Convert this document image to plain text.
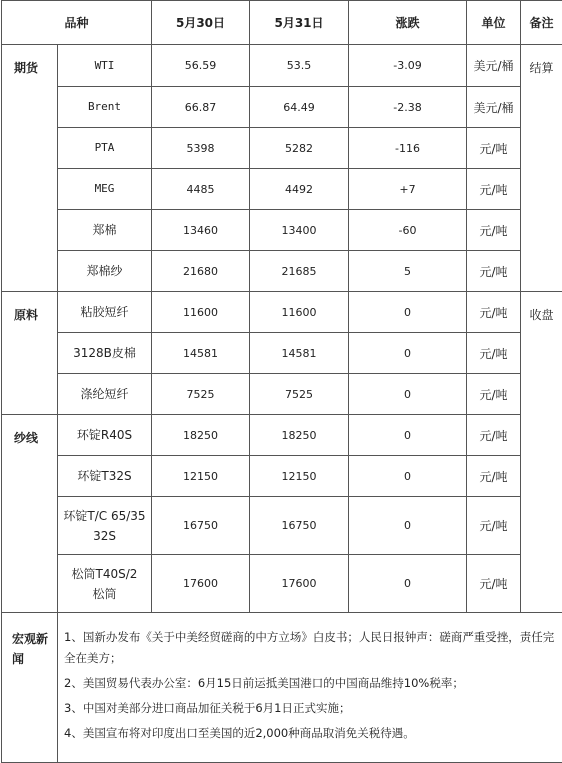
品种		5月30日	5月31日	涨跌	单位	备注
期货	WTI	56.59	53.5	-3.09	美元/桶	结算
	Brent	66.87	64.49	-2.38	美元/桶	
	PTA	5398	5282	-116	元/吨	
	MEG	4485	4492	+7	元/吨	
	郑棉	13460	13400	-60	元/吨	
	郑棉纱	21680	21685	5	元/吨	
原料	粘胶短纤	11600	11600	0	元/吨	收盘
	3128B皮棉	14581	14581	0	元/吨	
	涤纶短纤	7525	7525	0	元/吨	
纱线	环锭R40S	18250	18250	0	元/吨	
	环锭T32S	12150	12150	0	元/吨	
	环锭T/C 65/35 32S	16750	16750	0	元/吨	
	松筒T40S/2松筒	17600	17600	0	元/吨	
宏观新闻	1、国新办发布《关于中美经贸磋商的中方立场》白皮书；人民日报钟声：磋商严重受挫，责任完全在美方；
2、美国贸易代表办公室：6月15日前运抵美国港口的中国商品维持10%税率；
3、中国对美部分进口商品加征关税于6月1日正式实施；
4、美国宣布将对印度出口至美国的近2,000种商品取消免关税待遇。					
